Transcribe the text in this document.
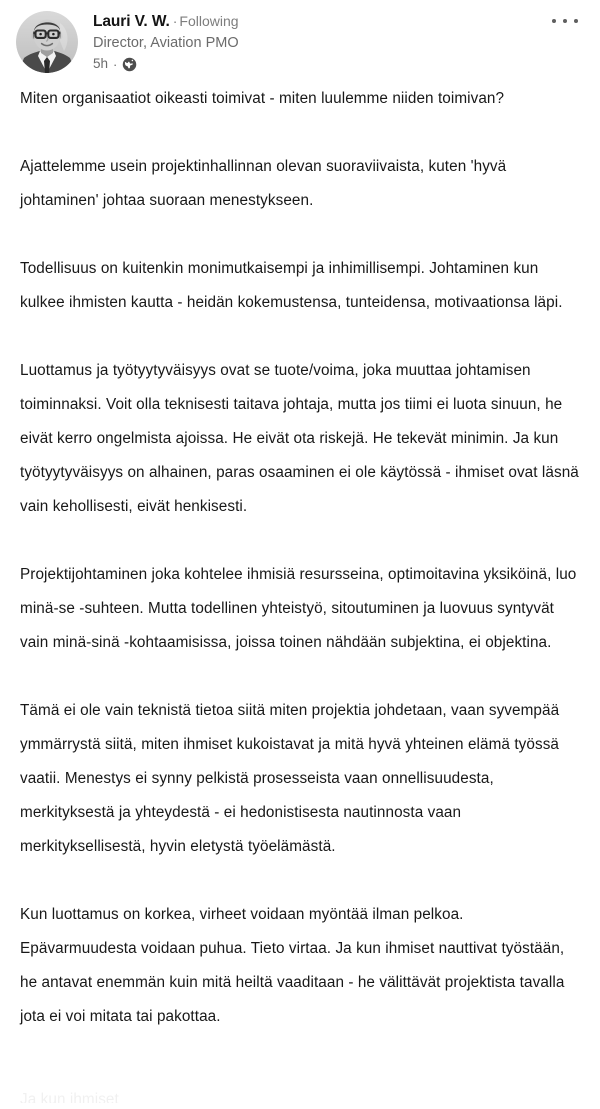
Lauri V. W. · Following
Director, Aviation PMO
5h ·

Miten organisaatiot oikeasti toimivat - miten luulemme niiden toimivan?

Ajattelemme usein projektinhallinnan olevan suoraviivaista, kuten 'hyvä johtaminen' johtaa suoraan menestykseen.

Todellisuus on kuitenkin monimutkaisempi ja inhimillisempi. Johtaminen kun kulkee ihmisten kautta - heidän kokemustensa, tunteidensa, motivaationsa läpi.

Luottamus ja työtyytyväisyys ovat se tuote/voima, joka muuttaa johtamisen toiminnaksi. Voit olla teknisesti taitava johtaja, mutta jos tiimi ei luota sinuun, he eivät kerro ongelmista ajoissa. He eivät ota riskejä. He tekevät minimin. Ja kun työtyytyväisyys on alhainen, paras osaaminen ei ole käytössä - ihmiset ovat läsnä vain kehollisesti, eivät henkisesti.

Projektijohtaminen joka kohtelee ihmisiä resursseina, optimoitavina yksiköinä, luo minä-se -suhteen. Mutta todellinen yhteistyö, sitoutuminen ja luovuus syntyvät vain minä-sinä -kohtaamisissa, joissa toinen nähdään subjektina, ei objektina.

Tämä ei ole vain teknistä tietoa siitä miten projektia johdetaan, vaan syvempää ymmärrystä siitä, miten ihmiset kukoistavat ja mitä hyvä yhteinen elämä työssä vaatii. Menestys ei synny pelkistä prosesseista vaan onnellisuudesta, merkityksestä ja yhteydestä - ei hedonistisesta nautinnosta vaan merkityksellisestä, hyvin eletystä työelämästä.

Kun luottamus on korkea, virheet voidaan myöntää ilman pelkoa. Epävarmuudesta voidaan puhua. Tieto virtaa. Ja kun ihmiset nauttivat työstään, he antavat enemmän kuin mitä heiltä vaaditaan - he välittävät projektista tavalla jota ei voi mitata tai pakottaa.

Ja kun ihmiset
